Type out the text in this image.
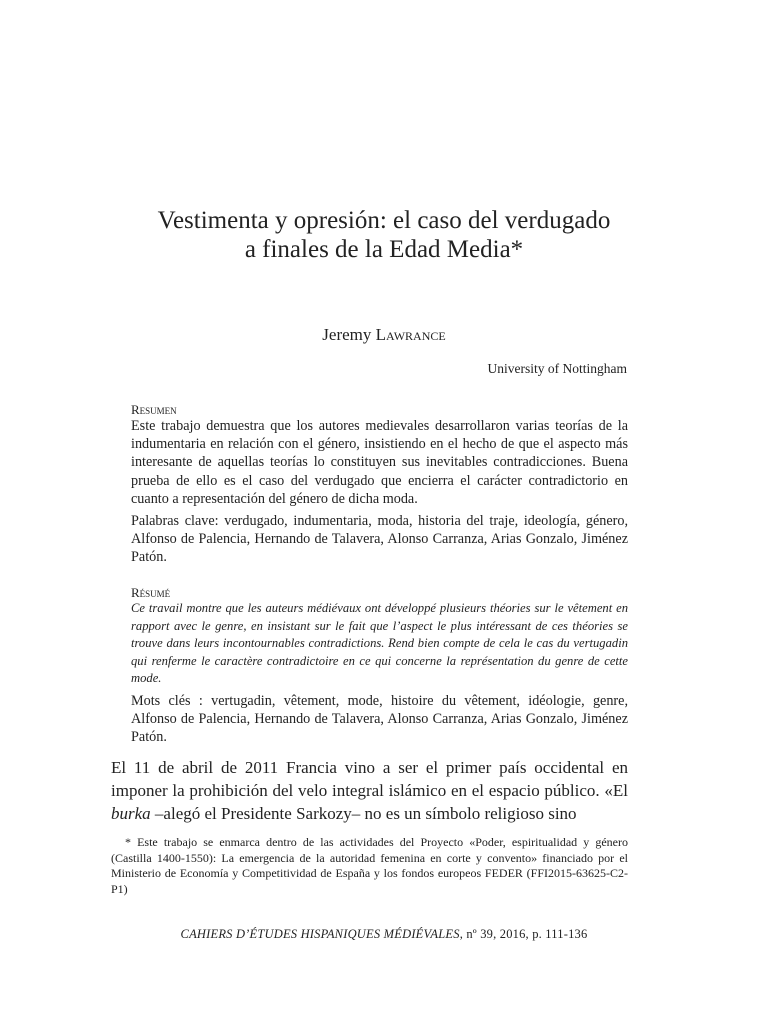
Vestimenta y opresión: el caso del verdugado
a finales de la Edad Media*
Jeremy Lawrance
University of Nottingham
Resumen

Este trabajo demuestra que los autores medievales desarrollaron varias teorías de la indumentaria en relación con el género, insistiendo en el hecho de que el aspecto más interesante de aquellas teorías lo constituyen sus inevitables contradicciones. Buena prueba de ello es el caso del verdugado que encierra el carácter contradictorio en cuanto a representación del género de dicha moda.

Palabras clave: verdugado, indumentaria, moda, historia del traje, ideología, género, Alfonso de Palencia, Hernando de Talavera, Alonso Carranza, Arias Gonzalo, Jiménez Patón.

Résumé

Ce travail montre que les auteurs médiévaux ont développé plusieurs théories sur le vêtement en rapport avec le genre, en insistant sur le fait que l’aspect le plus intéressant de ces théories se trouve dans leurs incontournables contradictions. Rend bien compte de cela le cas du vertugadin qui renferme le caractère contradictoire en ce qui concerne la représentation du genre de cette mode.

Mots clés : vertugadin, vêtement, mode, histoire du vêtement, idéologie, genre, Alfonso de Palencia, Hernando de Talavera, Alonso Carranza, Arias Gonzalo, Jiménez Patón.

El 11 de abril de 2011 Francia vino a ser el primer país occidental en imponer la prohibición del velo integral islámico en el espacio público. «El burka –alegó el Presidente Sarkozy– no es un símbolo religioso sino

* Este trabajo se enmarca dentro de las actividades del Proyecto «Poder, espiritualidad y género (Castilla 1400-1550): La emergencia de la autoridad femenina en corte y convento» financiado por el Ministerio de Economía y Competitividad de España y los fondos europeos FEDER (FFI2015-63625-C2-P1)

CAHIERS D’ÉTUDES HISPANIQUES MÉDIÉVALES, nº 39, 2016, p. 111-136
